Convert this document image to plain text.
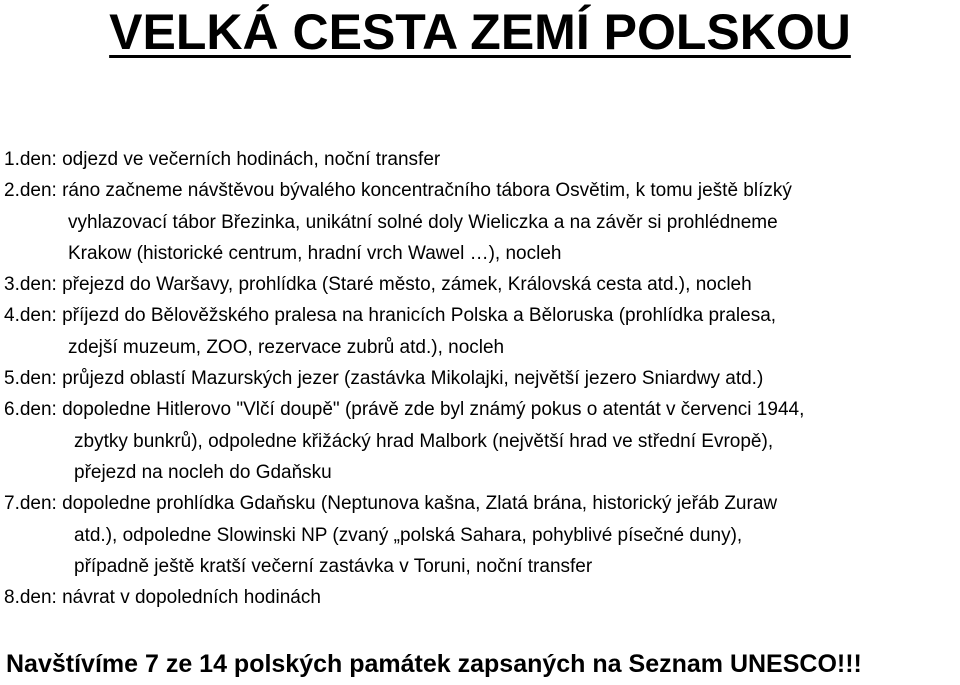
VELKÁ CESTA ZEMÍ POLSKOU
1.den: odjezd ve večerních hodinách, noční transfer
2.den: ráno začneme návštěvou bývalého koncentračního tábora Osvětim, k tomu ještě blízký
vyhlazovací tábor Březinka, unikátní solné doly Wieliczka a na závěr si prohlédneme
Krakow (historické centrum, hradní vrch Wawel …), nocleh
3.den: přejezd do Waršavy, prohlídka (Staré město, zámek, Královská cesta atd.), nocleh
4.den: příjezd do Bělověžského pralesa na hranicích Polska a Běloruska (prohlídka pralesa,
zdejší muzeum, ZOO, rezervace zubrů atd.), nocleh
5.den: průjezd oblastí Mazurských jezer (zastávka Mikolajki, největší jezero Sniardwy atd.)
6.den: dopoledne Hitlerovo "Vlčí doupě" (právě zde byl známý pokus o atentát v červenci 1944,
zbytky bunkrů), odpoledne křižácký hrad Malbork (největší hrad ve střední Evropě),
přejezd na nocleh do Gdaňsku
7.den: dopoledne prohlídka Gdaňsku (Neptunova kašna, Zlatá brána, historický jeřáb Zuraw
atd.), odpoledne Slowinski NP (zvaný „polská Sahara, pohyblivé písečné duny),
případně ještě kratší večerní zastávka v Toruni, noční transfer
8.den: návrat v dopoledních hodinách
Navštívíme 7 ze 14 polských památek zapsaných na Seznam UNESCO!!!
